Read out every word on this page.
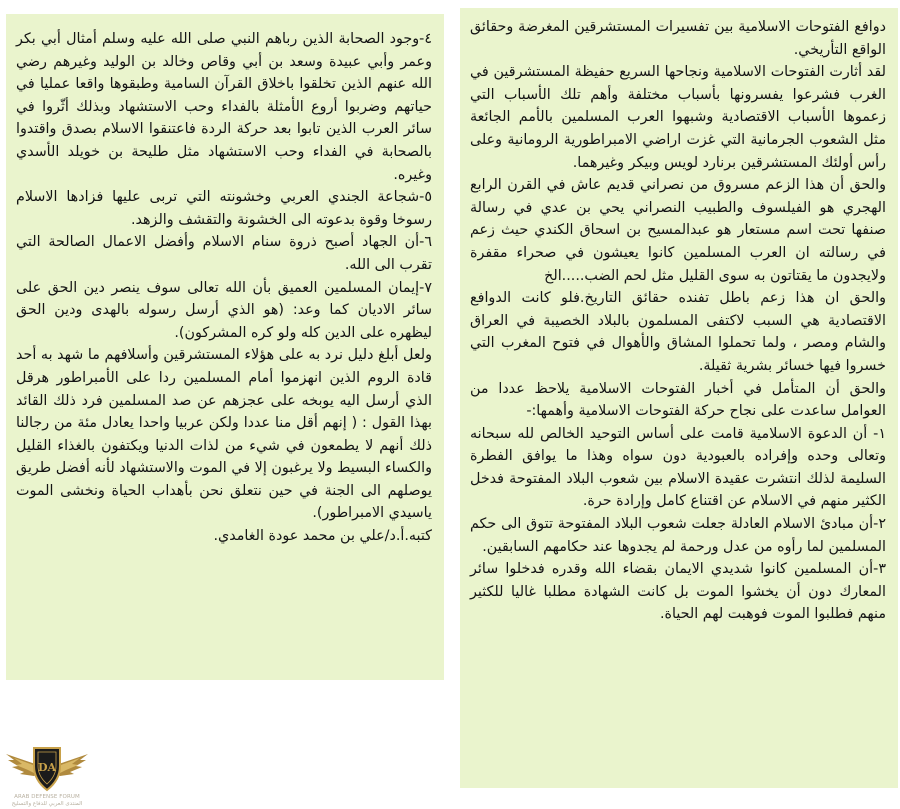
دوافع الفتوحات الاسلامية بين تفسيرات المستشرقين المغرضة وحقائق الواقع التأريخي.

لقد أثارت الفتوحات الاسلامية ونجاحها السريع حفيظة المستشرقين في الغرب فشرعوا يفسرونها بأسباب مختلفة وأهم تلك الأسباب التي زعموها الأسباب الاقتصادية وشبهوا العرب المسلمين بالأمم الجائعة مثل الشعوب الجرمانية التي غزت اراضي الامبراطورية الرومانية وعلى رأس أولئك المستشرقين برنارد لويس وبيكر وغيرهما.

والحق أن هذا الزعم مسروق من نصراني قديم عاش في القرن الرابع الهجري هو الفيلسوف والطبيب النصراني يحي بن عدي في رسالة صنفها تحت اسم مستعار هو عبدالمسيح بن اسحاق الكندي حيث زعم في رسالته ان العرب المسلمين كانوا يعيشون في صحراء مقفرة ولايجدون ما يقتاتون به سوى القليل مثل لحم الضب.....الخ

والحق ان هذا زعم باطل تفنده حقائق التاريخ.فلو كانت الدوافع الاقتصادية هي السبب لاكتفى المسلمون بالبلاد الخصيبة في العراق والشام ومصر ، ولما تحملوا المشاق والأهوال في فتوح المغرب التي خسروا فيها خسائر بشرية ثقيلة.

والحق أن المتأمل في أخبار الفتوحات الاسلامية يلاحظ عددا من العوامل ساعدت على نجاح حركة الفتوحات الاسلامية وأهمها:-

١- أن الدعوة الاسلامية قامت على أساس التوحيد الخالص لله سبحانه وتعالى وحده وإفراده بالعبودية دون سواه وهذا ما يوافق الفطرة السليمة لذلك انتشرت عقيدة الاسلام بين شعوب البلاد المفتوحة فدخل الكثير منهم في الاسلام عن اقتناع كامل وإرادة حرة.

٢-أن مبادئ الاسلام العادلة جعلت شعوب البلاد المفتوحة تتوق الى حكم المسلمين لما رأوه من عدل ورحمة لم يجدوها عند حكامهم السابقين.

٣-أن المسلمين كانوا شديدي الايمان بقضاء الله وقدره فدخلوا سائر المعارك دون أن يخشوا الموت بل كانت الشهادة مطلبا غاليا للكثير منهم فطلبوا الموت فوهبت لهم الحياة.

٤-وجود الصحابة الذين رباهم النبي صلى الله عليه وسلم أمثال أبي بكر وعمر وأبي عبيدة وسعد بن أبي وقاص وخالد بن الوليد وغيرهم رضي الله عنهم الذين تخلقوا باخلاق القرآن السامية وطبقوها واقعا عمليا في حياتهم وضربوا أروع الأمثلة بالفداء وحب الاستشهاد وبذلك أثّروا في سائر العرب الذين تابوا بعد حركة الردة فاعتنقوا الاسلام بصدق واقتدوا بالصحابة في الفداء وحب الاستشهاد مثل طليحة بن خويلد الأسدي وغيره.

٥-شجاعة الجندي العربي وخشونته التي تربى عليها فزادها الاسلام رسوخا وقوة بدعوته الى الخشونة والتقشف والزهد.

٦-أن الجهاد أصبح ذروة سنام الاسلام وأفضل الاعمال الصالحة التي تقرب الى الله.

٧-إيمان المسلمين العميق بأن الله تعالى سوف ينصر دين الحق على سائر الاديان كما وعد: (هو الذي أرسل رسوله بالهدى ودين الحق ليظهره على الدين كله ولو كره المشركون).

ولعل أبلغ دليل نرد به على هؤلاء المستشرقين وأسلافهم ما شهد به أحد قادة الروم الذين انهزموا أمام المسلمين ردا على الأمبراطور هرقل الذي أرسل اليه يوبخه على عجزهم عن صد المسلمين فرد ذلك القائد بهذا القول : ( إنهم أقل منا عددا ولكن عربيا واحدا يعادل مئة من رجالنا ذلك أنهم لا يطمعون في شيء من لذات الدنيا ويكتفون بالغذاء القليل والكساء البسيط ولا يرغبون إلا في الموت والاستشهاد لأنه أفضل طريق يوصلهم الى الجنة في حين نتعلق نحن بأهداب الحياة ونخشى الموت ياسيدي الامبراطور).

كتبه.أ.د/علي بن محمد عودة الغامدي.

DA
ARAB DEFENSE FORUM
المنتدى العربي للدفاع والتسليح
